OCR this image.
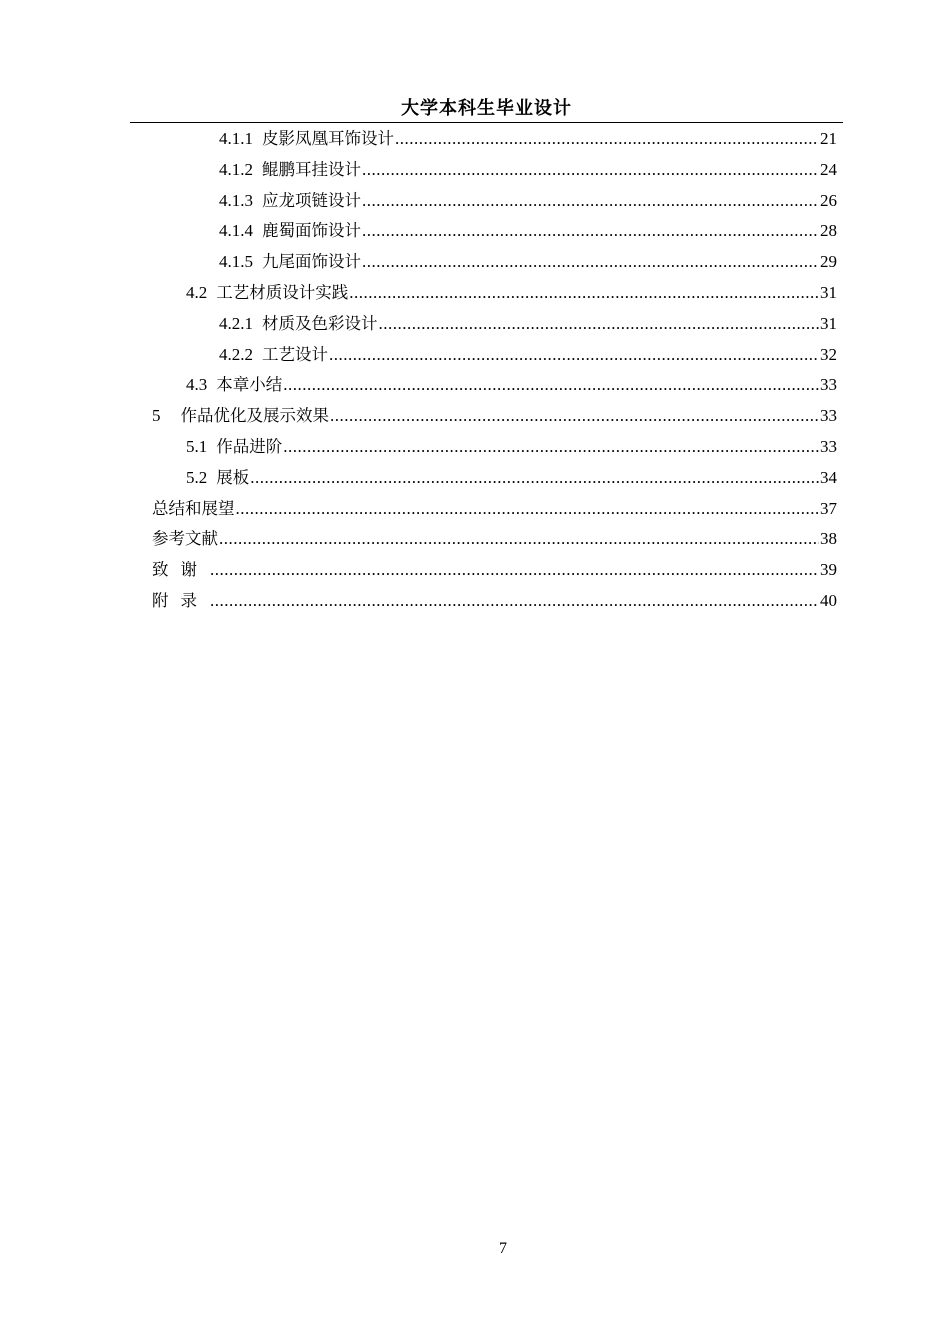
大学本科生毕业设计
4.1.1 皮影凤凰耳饰设计 .....	21
4.1.2 鲲鹏耳挂设计 .....	24
4.1.3 应龙项链设计 .....	26
4.1.4 鹿蜀面饰设计 .....	28
4.1.5 九尾面饰设计 .....	29
4.2 工艺材质设计实践 .....	31
4.2.1 材质及色彩设计 .....	31
4.2.2 工艺设计 .....	32
4.3 本章小结 .....	33
5 作品优化及展示效果 .....	33
5.1 作品进阶 .....	33
5.2 展板 .....	34
总结和展望 .....	37
参考文献 .....	38
致谢 .....	39
附录 .....	40
7
